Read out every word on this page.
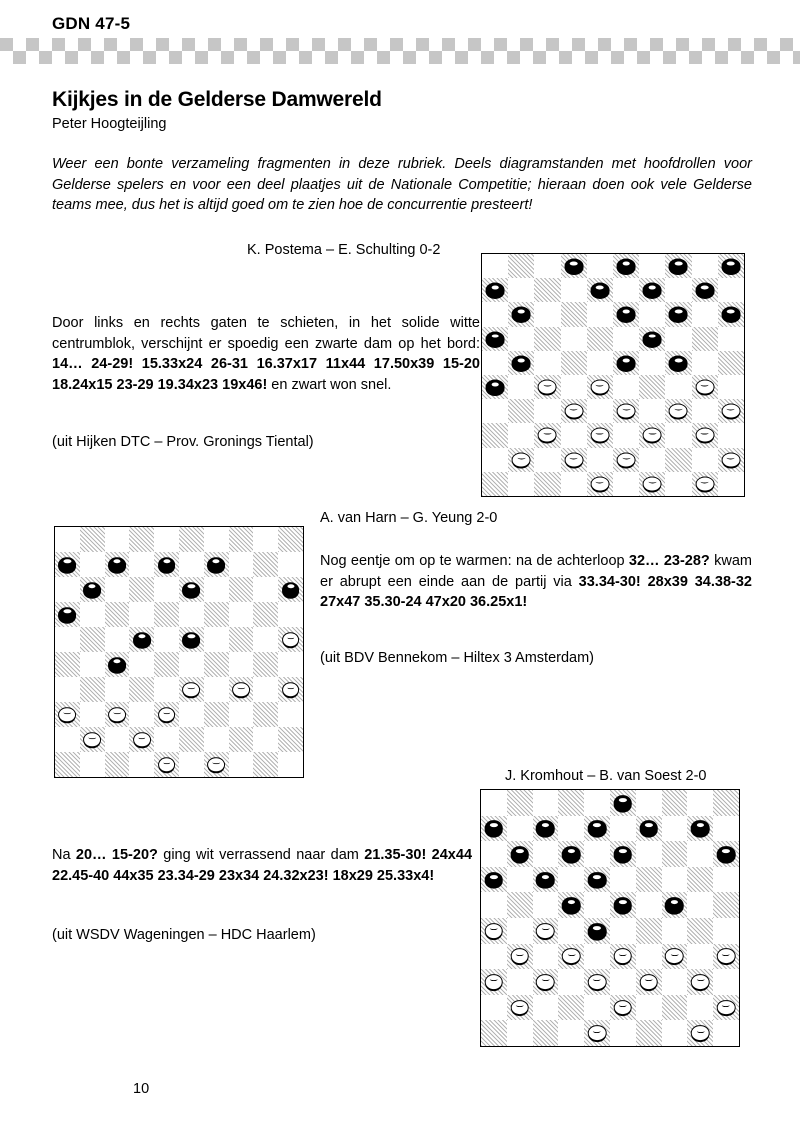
GDN 47-5
Kijkjes in de Gelderse Damwereld
Peter Hoogteijling
Weer een bonte verzameling fragmenten in deze rubriek. Deels diagramstanden met hoofdrollen voor Gelderse spelers en voor een deel plaatjes uit de Nationale Competitie; hieraan doen ook vele Gelderse teams mee, dus het is altijd goed om te zien hoe de concurrentie presteert!
K. Postema – E. Schulting 0-2
Door links en rechts gaten te schieten, in het solide witte centrumblok, verschijnt er spoedig een zwarte dam op het bord: 14… 24-29! 15.33x24 26-31 16.37x17 11x44 17.50x39 15-20 18.24x15 23-29 19.34x23 19x46! en zwart won snel.
(uit Hijken DTC – Prov. Gronings Tiental)
A. van Harn – G. Yeung 2-0
Nog eentje om op te warmen: na de achterloop 32… 23-28? kwam er abrupt een einde aan de partij via 33.34-30! 28x39 34.38-32 27x47 35.30-24 47x20 36.25x1!
(uit BDV Bennekom – Hiltex 3 Amsterdam)
J. Kromhout – B. van Soest 2-0
Na 20… 15-20? ging wit verrassend naar dam 21.35-30! 24x44 22.45-40 44x35 23.34-29 23x34 24.32x23! 18x29 25.33x4!
(uit WSDV Wageningen – HDC Haarlem)
10
